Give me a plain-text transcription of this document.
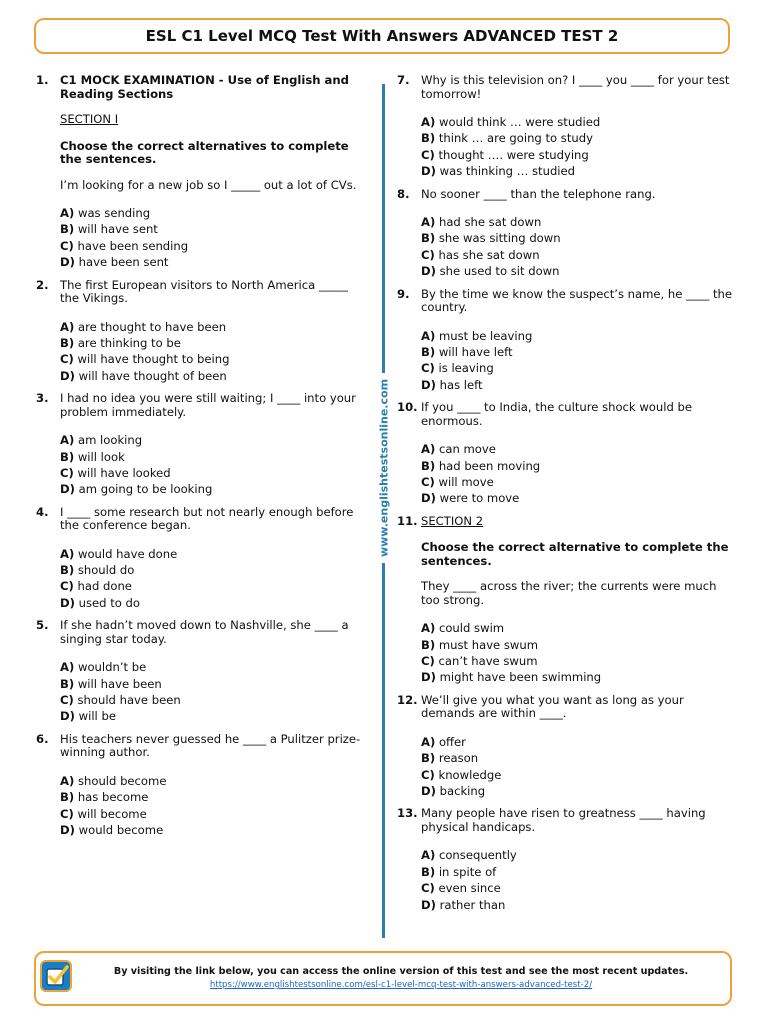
ESL C1 Level MCQ Test With Answers ADVANCED TEST 2
1. C1 MOCK EXAMINATION - Use of English and Reading Sections
SECTION I
Choose the correct alternatives to complete the sentences.
I’m looking for a new job so I _____ out a lot of CVs.
A) was sending
B) will have sent
C) have been sending
D) have been sent
2. The first European visitors to North America _____ the Vikings.
A) are thought to have been
B) are thinking to be
C) will have thought to being
D) will have thought of been
3. I had no idea you were still waiting; I ____ into your problem immediately.
A) am looking
B) will look
C) will have looked
D) am going to be looking
4. I ____ some research but not nearly enough before the conference began.
A) would have done
B) should do
C) had done
D) used to do
5. If she hadn’t moved down to Nashville, she ____ a singing star today.
A) wouldn’t be
B) will have been
C) should have been
D) will be
6. His teachers never guessed he ____ a Pulitzer prize-winning author.
A) should become
B) has become
C) will become
D) would become
www.englishtestsonline.com
7. Why is this television on? I ____ you ____ for your test tomorrow!
A) would think … were studied
B) think … are going to study
C) thought …. were studying
D) was thinking … studied
8. No sooner ____ than the telephone rang.
A) had she sat down
B) she was sitting down
C) has she sat down
D) she used to sit down
9. By the time we know the suspect’s name, he ____ the country.
A) must be leaving
B) will have left
C) is leaving
D) has left
10. If you ____ to India, the culture shock would be enormous.
A) can move
B) had been moving
C) will move
D) were to move
11. SECTION 2
Choose the correct alternative to complete the sentences.
They ____ across the river; the currents were much too strong.
A) could swim
B) must have swum
C) can’t have swum
D) might have been swimming
12. We’ll give you what you want as long as your demands are within ____.
A) offer
B) reason
C) knowledge
D) backing
13. Many people have risen to greatness ____ having physical handicaps.
A) consequently
B) in spite of
C) even since
D) rather than
By visiting the link below, you can access the online version of this test and see the most recent updates.
https://www.englishtestsonline.com/esl-c1-level-mcq-test-with-answers-advanced-test-2/
